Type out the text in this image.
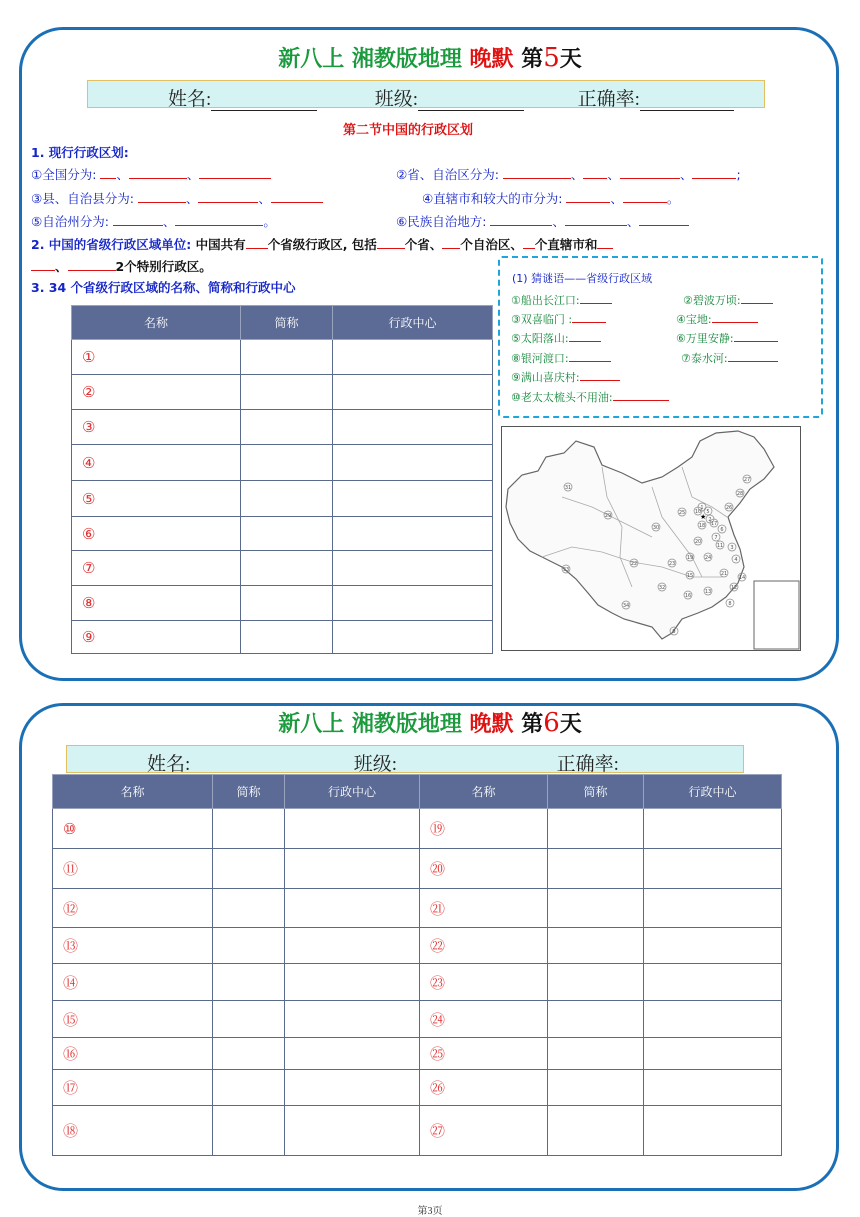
新八上 湘教版地理 晚默 第5天
姓名:	班级:	正确率:
第二节中国的行政区划
1. 现行行政区划:
①全国分为: 、	、	②省、自治区分为:	、 、	、	;
③县、自治县分为:	、	、	④直辖市和较大的市分为:	、	。
⑤自治州分为:	、	。	⑥民族自治地方:	、	、
2. 中国的省级行政区域单位: 中国共有 个省级行政区, 包括 个省、 个自治区、 个直辖市和
、	2个特别行政区。
3. 34 个省级行政区域的名称、简称和行政中心
名称	简称	行政中心
①		
②		
③		
④		
⑤		
⑥		
⑦		
⑧		
⑨		
(1) 猜谜语——省级行政区域
①船出长江口:	②碧波万顷:
③双喜临门 :	④宝地:
⑤太阳落山:	⑥万里安静:
⑧银河渡口:	⑦泰水河:
⑨满山喜庆村:
⑩老太太梳头不用油:
31
27
29
28
25
26
30
20
33
22	23
19 24
34
15
32
17
18
21
13
16
9
8
12
14
11
10
7
6
5
1
2
3
4
★
新八上 湘教版地理 晚默 第6天
姓名:	班级:	正确率:
名称	简称	行政中心	名称	简称	行政中心
⑩			⑲		
⑪			⑳		
⑫			㉑		
⑬			㉒		
⑭			㉓		
⑮			㉔		
⑯			㉕		
⑰			㉖		
⑱			㉗		
第3页
